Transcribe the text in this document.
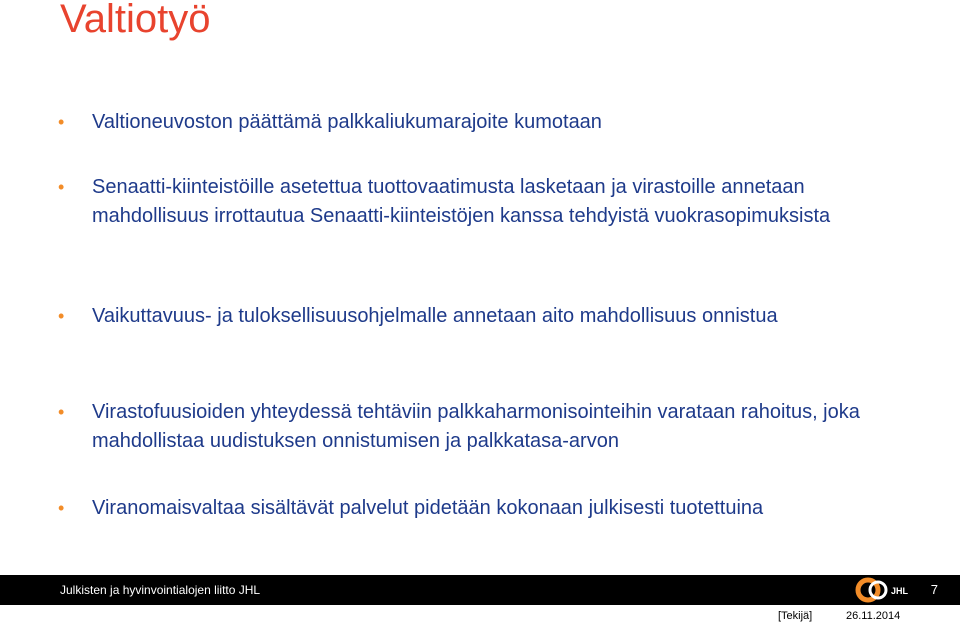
Valtiotyö
• Valtioneuvoston päättämä palkkaliukumarajoite kumotaan
• Senaatti-kiinteistöille asetettua tuottovaatimusta lasketaan ja virastoille annetaan mahdollisuus irrottautua Senaatti-kiinteistöjen kanssa tehdyistä vuokrasopimuksista
• Vaikuttavuus- ja tuloksellisuusohjelmalle annetaan aito mahdollisuus onnistua
• Virastofuusioiden yhteydessä tehtäviin palkkaharmonisointeihin varataan rahoitus, joka mahdollistaa uudistuksen onnistumisen ja palkkatasa-arvon
• Viranomaisvaltaa sisältävät palvelut pidetään kokonaan julkisesti tuotettuina
Julkisten ja hyvinvointialojen liitto JHL	JHL 7
[Tekijä]	26.11.2014
